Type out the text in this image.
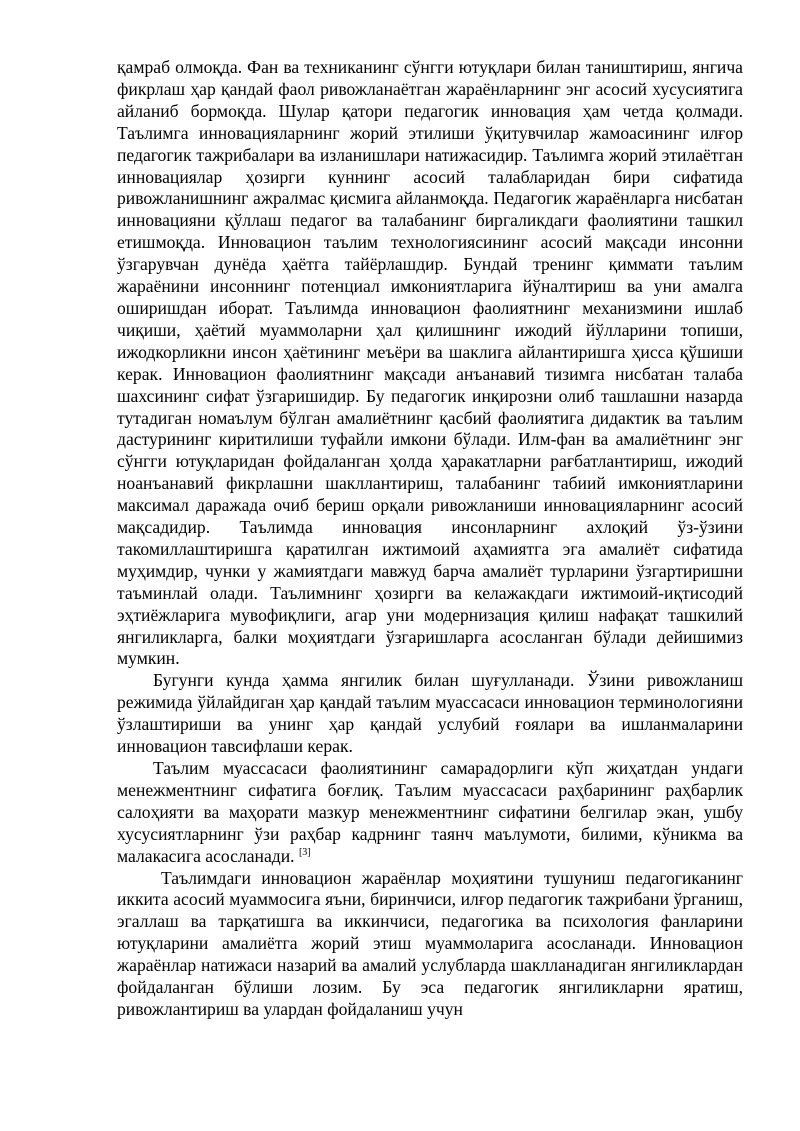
қамраб олмоқда. Фан ва техниканинг сўнгги ютуқлари билан таништириш, янгича фикрлаш ҳар қандай фаол ривожланаётган жараёнларнинг энг асосий хусусиятига айланиб бормоқда. Шулар қатори педагогик инновация ҳам четда қолмади. Таълимга инновацияларнинг жорий этилиши ўқитувчилар жамоасининг илғор педагогик тажрибалари ва изланишлари натижасидир. Таълимга жорий этилаётган инновациялар ҳозирги куннинг асосий талабларидан бири сифатида ривожланишнинг ажралмас қисмига айланмоқда. Педагогик жараёнларга нисбатан инновацияни қўллаш педагог ва талабанинг биргаликдаги фаолиятини ташкил етишмоқда. Инновацион таълим технологиясининг асосий мақсади инсонни ўзгарувчан дунёда ҳаётга тайёрлашдир. Бундай тренинг қиммати таълим жараёнини инсоннинг потенциал имкониятларига йўналтириш ва уни амалга оширишдан иборат. Таълимда инновацион фаолиятнинг механизмини ишлаб чиқиши, ҳаётий муаммоларни ҳал қилишнинг ижодий йўлларини топиши, ижодкорликни инсон ҳаётининг меъёри ва шаклига айлантиришга ҳисса қўшиши керак. Инновацион фаолиятнинг мақсади анъанавий тизимга нисбатан талаба шахсининг сифат ўзгаришидир. Бу педагогик инқирозни олиб ташлашни назарда тутадиган номаълум бўлган амалиётнинг қасбий фаолиятига дидактик ва таълим дастурининг киритилиши туфайли имкони бўлади. Илм-фан ва амалиётнинг энг сўнгги ютуқларидан фойдаланган ҳолда ҳаракатларни рағбатлантириш, ижодий ноанъанавий фикрлашни шакллантириш, талабанинг табиий имкониятларини максимал даражада очиб бериш орқали ривожланиши инновацияларнинг асосий мақсадидир. Таълимда инновация инсонларнинг ахлоқий ўз-ўзини такомиллаштиришга қаратилган ижтимоий аҳамиятга эга амалиёт сифатида муҳимдир, чунки у жамиятдаги мавжуд барча амалиёт турларини ўзгартиришни таъминлай олади. Таълимнинг ҳозирги ва келажакдаги ижтимоий-иқтисодий эҳтиёжларига мувофиқлиги, агар уни модернизация қилиш нафақат ташкилий янгиликларга, балки моҳиятдаги ўзгаришларга асосланган бўлади дейишимиз мумкин.

Бугунги кунда ҳамма янгилик билан шуғулланади. Ўзини ривожланиш режимида ўйлайдиган ҳар қандай таълим муассасаси инновацион терминологияни ўзлаштириши ва унинг ҳар қандай услубий ғоялари ва ишланмаларини инновацион тавсифлаши керак.

Таълим муассасаси фаолиятининг самарадорлиги кўп жиҳатдан ундаги менежментнинг сифатига боғлиқ. Таълим муассасаси раҳбарининг раҳбарлик салоҳияти ва маҳорати мазкур менежментнинг сифатини белгилар экан, ушбу хусусиятларнинг ўзи раҳбар кадрнинг таянч маълумоти, билими, кўникма ва малакасига асосланади. [3]

Таълимдаги инновацион жараёнлар моҳиятини тушуниш педагогиканинг иккита асосий муаммосига яъни, биринчиси, илғор педагогик тажрибани ўрганиш, эгаллаш ва тарқатишга ва иккинчиси, педагогика ва психология фанларини ютуқларини амалиётга жорий этиш муаммоларига асосланади. Инновацион жараёнлар натижаси назарий ва амалий услубларда шаклланадиган янгиликлардан фойдаланган бўлиши лозим. Бу эса педагогик янгиликларни яратиш, ривожлантириш ва улардан фойдаланиш учун
